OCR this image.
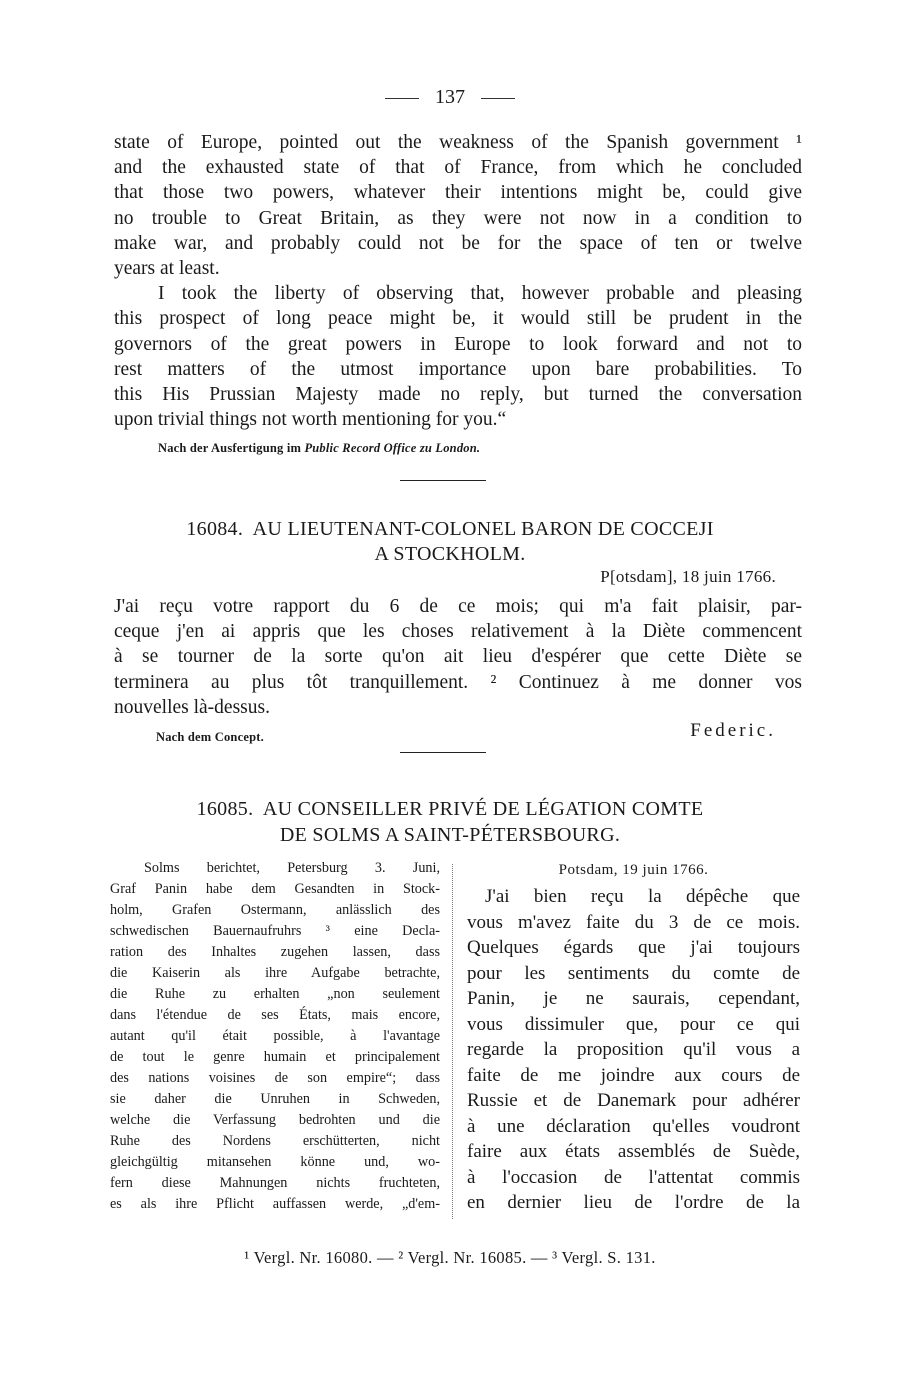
137
state of Europe, pointed out the weakness of the Spanish government ¹
and the exhausted state of that of France, from which he concluded
that those two powers, whatever their intentions might be, could give
no trouble to Great Britain, as they were not now in a condition to
make war, and probably could not be for the space of ten or twelve
years at least.
I took the liberty of observing that, however probable and pleasing
this prospect of long peace might be, it would still be prudent in the
governors of the great powers in Europe to look forward and not to
rest matters of the utmost importance upon bare probabilities. To
this His Prussian Majesty made no reply, but turned the conversation
upon trivial things not worth mentioning for you.“
Nach der Ausfertigung im Public Record Office zu London.
16084. AU LIEUTENANT-COLONEL BARON DE COCCEJI
A STOCKHOLM.
P[otsdam], 18 juin 1766.
J'ai reçu votre rapport du 6 de ce mois; qui m'a fait plaisir, par-
ceque j'en ai appris que les choses relativement à la Diète commencent
à se tourner de la sorte qu'on ait lieu d'espérer que cette Diète se
terminera au plus tôt tranquillement. ² Continuez à me donner vos
nouvelles là-dessus.
Nach dem Concept.	Federic.
16085. AU CONSEILLER PRIVÉ DE LÉGATION COMTE
DE SOLMS A SAINT-PÉTERSBOURG.
Solms berichtet, Petersburg 3. Juni,
Graf Panin habe dem Gesandten in Stock-
holm, Grafen Ostermann, anlässlich des
schwedischen Bauernaufruhrs ³ eine Decla-
ration des Inhaltes zugehen lassen, dass
die Kaiserin als ihre Aufgabe betrachte,
die Ruhe zu erhalten „non seulement
dans l'étendue de ses États, mais encore,
autant qu'il était possible, à l'avantage
de tout le genre humain et principalement
des nations voisines de son empire“; dass
sie daher die Unruhen in Schweden,
welche die Verfassung bedrohten und die
Ruhe des Nordens erschütterten, nicht
gleichgültig mitansehen könne und, wo-
fern diese Mahnungen nichts fruchteten,
es als ihre Pflicht auffassen werde, „d'em-
Potsdam, 19 juin 1766.
J'ai bien reçu la dépêche que
vous m'avez faite du 3 de ce mois.
Quelques égards que j'ai toujours
pour les sentiments du comte de
Panin, je ne saurais, cependant,
vous dissimuler que, pour ce qui
regarde la proposition qu'il vous a
faite de me joindre aux cours de
Russie et de Danemark pour adhérer
à une déclaration qu'elles voudront
faire aux états assemblés de Suède,
à l'occasion de l'attentat commis
en dernier lieu de l'ordre de la
¹ Vergl. Nr. 16080. — ² Vergl. Nr. 16085. — ³ Vergl. S. 131.
